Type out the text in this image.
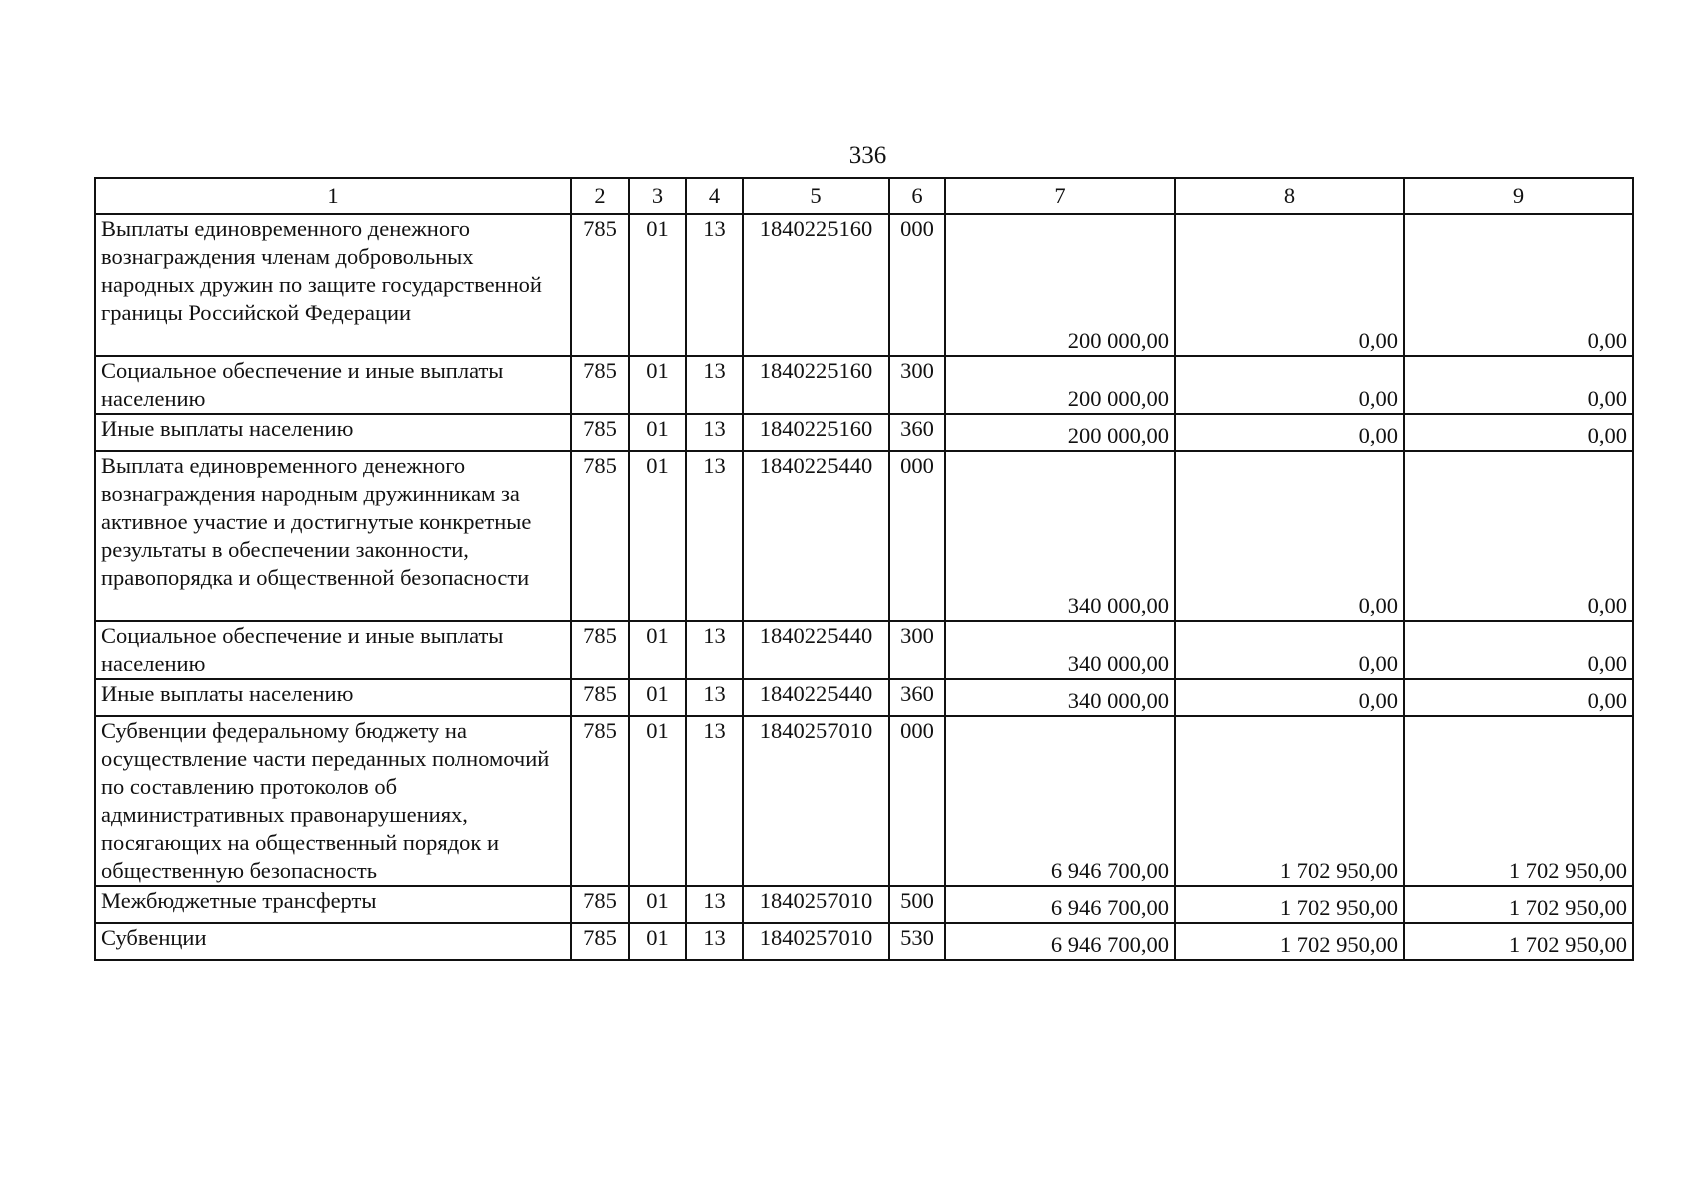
336
1	2	3	4	5	6	7	8	9
Выплаты единовременного денежного вознаграждения членам добровольных народных дружин по защите государственной границы Российской Федерации	785	01	13	1840225160	000	200 000,00	0,00	0,00
Социальное обеспечение и иные выплаты населению	785	01	13	1840225160	300	200 000,00	0,00	0,00
Иные выплаты населению	785	01	13	1840225160	360	200 000,00	0,00	0,00
Выплата единовременного денежного вознаграждения народным дружинникам за активное участие и достигнутые конкретные результаты в обеспечении законности, правопорядка и общественной безопасности	785	01	13	1840225440	000	340 000,00	0,00	0,00
Социальное обеспечение и иные выплаты населению	785	01	13	1840225440	300	340 000,00	0,00	0,00
Иные выплаты населению	785	01	13	1840225440	360	340 000,00	0,00	0,00
Субвенции федеральному бюджету на осуществление части переданных полномочий по составлению протоколов об административных правонарушениях, посягающих на общественный порядок и общественную безопасность	785	01	13	1840257010	000	6 946 700,00	1 702 950,00	1 702 950,00
Межбюджетные трансферты	785	01	13	1840257010	500	6 946 700,00	1 702 950,00	1 702 950,00
Субвенции	785	01	13	1840257010	530	6 946 700,00	1 702 950,00	1 702 950,00
